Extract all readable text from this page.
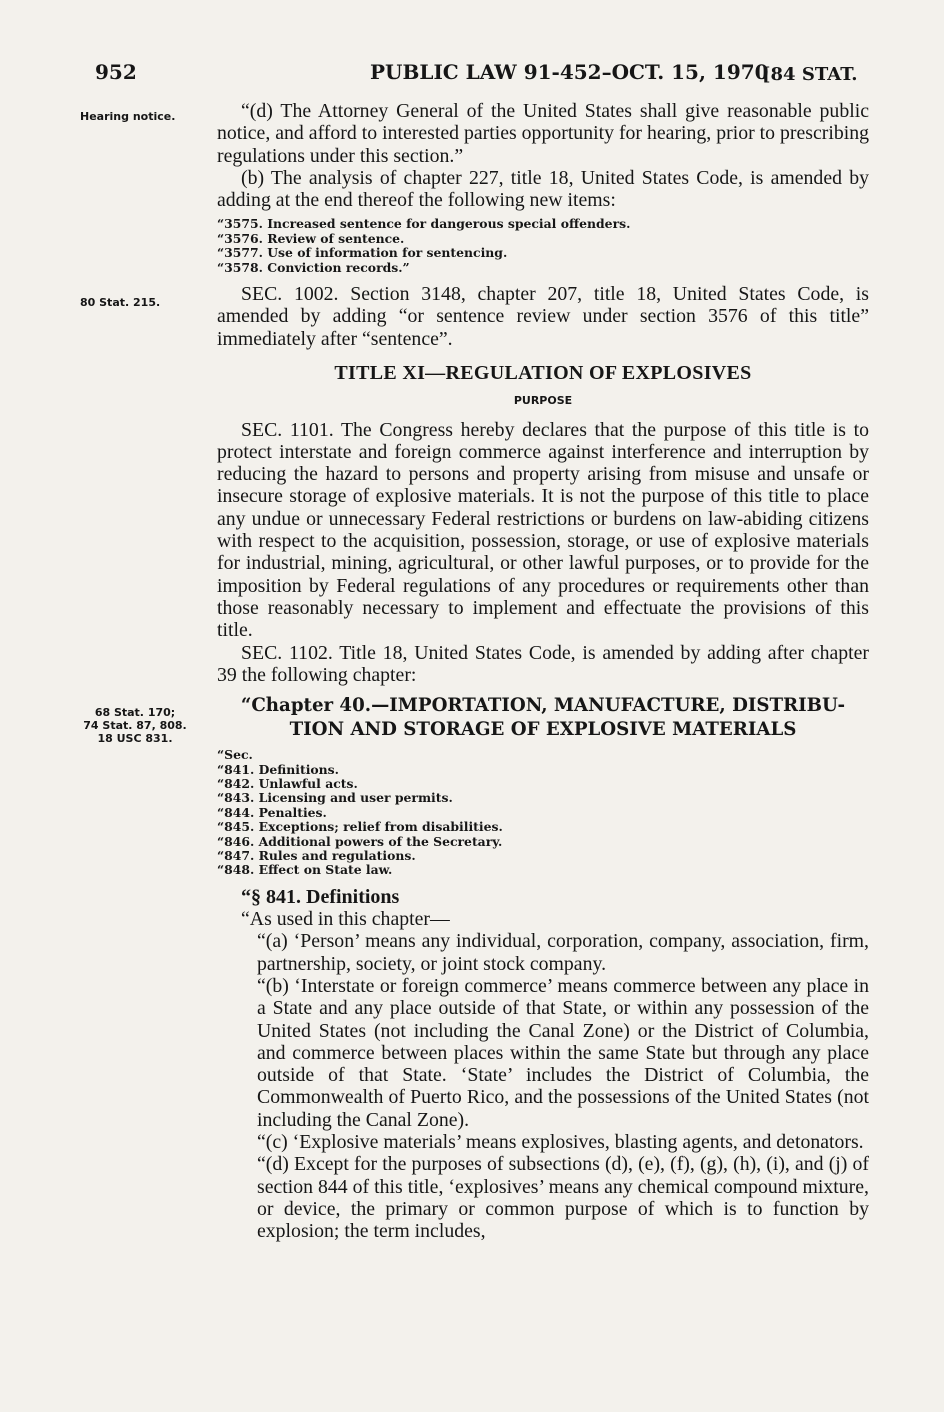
952	PUBLIC LAW 91-452–OCT. 15, 1970
[84 STAT.
Hearing notice.
80 Stat. 215.
68 Stat. 170;
74 Stat. 87, 808.
18 USC 831.

“(d) The Attorney General of the United States shall give reasonable public notice, and afford to interested parties opportunity for hearing, prior to prescribing regulations under this section.”

(b) The analysis of chapter 227, title 18, United States Code, is amended by adding at the end thereof the following new items:

“3575. Increased sentence for dangerous special offenders.
“3576. Review of sentence.
“3577. Use of information for sentencing.
“3578. Conviction records.”

SEC. 1002. Section 3148, chapter 207, title 18, United States Code, is amended by adding “or sentence review under section 3576 of this title” immediately after “sentence”.

TITLE XI—REGULATION OF EXPLOSIVES
PURPOSE

SEC. 1101. The Congress hereby declares that the purpose of this title is to protect interstate and foreign commerce against interference and interruption by reducing the hazard to persons and property arising from misuse and unsafe or insecure storage of explosive materials. It is not the purpose of this title to place any undue or unnecessary Federal restrictions or burdens on law-abiding citizens with respect to the acquisition, possession, storage, or use of explosive materials for industrial, mining, agricultural, or other lawful purposes, or to provide for the imposition by Federal regulations of any procedures or requirements other than those reasonably necessary to implement and effectuate the provisions of this title.

SEC. 1102. Title 18, United States Code, is amended by adding after chapter 39 the following chapter:

“Chapter 40.—IMPORTATION, MANUFACTURE, DISTRIBU-
TION AND STORAGE OF EXPLOSIVE MATERIALS
“Sec.
“841. Definitions.
“842. Unlawful acts.
“843. Licensing and user permits.
“844. Penalties.
“845. Exceptions; relief from disabilities.
“846. Additional powers of the Secretary.
“847. Rules and regulations.
“848. Effect on State law.

“§ 841. Definitions

“As used in this chapter—

“(a) ‘Person’ means any individual, corporation, company, association, firm, partnership, society, or joint stock company.

“(b) ‘Interstate or foreign commerce’ means commerce between any place in a State and any place outside of that State, or within any possession of the United States (not including the Canal Zone) or the District of Columbia, and commerce between places within the same State but through any place outside of that State. ‘State’ includes the District of Columbia, the Commonwealth of Puerto Rico, and the possessions of the United States (not including the Canal Zone).

“(c) ‘Explosive materials’ means explosives, blasting agents, and detonators.

“(d) Except for the purposes of subsections (d), (e), (f), (g), (h), (i), and (j) of section 844 of this title, ‘explosives’ means any chemical compound mixture, or device, the primary or common purpose of which is to function by explosion; the term includes,
